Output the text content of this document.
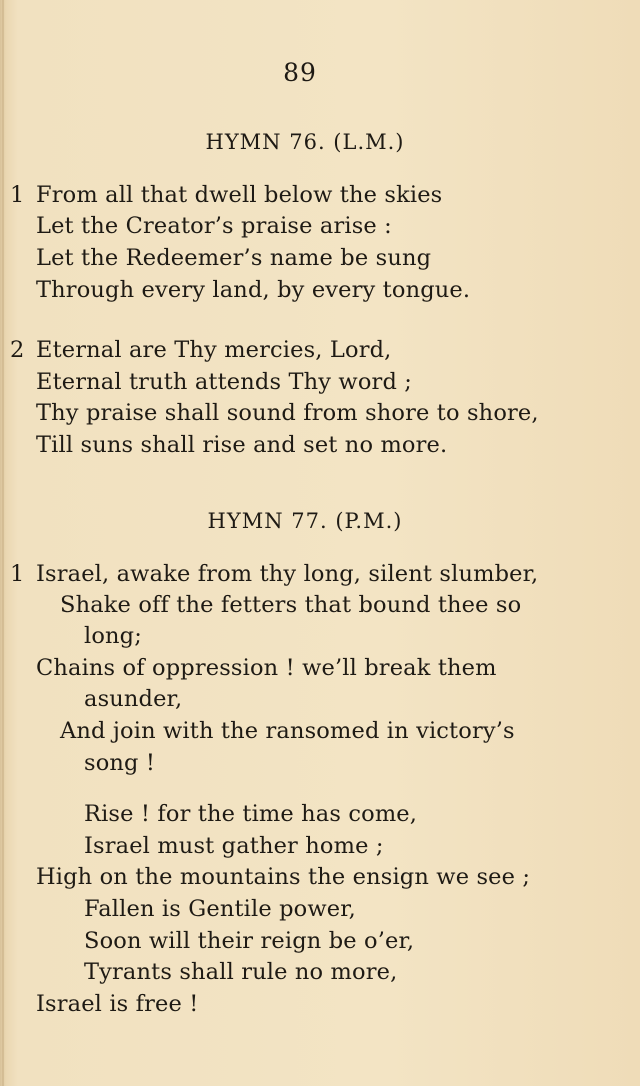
89
HYMN 76. (L.M.)
1 From all that dwell below the skies
Let the Creator’s praise arise :
Let the Redeemer’s name be sung
Through every land, by every tongue.
2 Eternal are Thy mercies, Lord,
Eternal truth attends Thy word ;
Thy praise shall sound from shore to shore,
Till suns shall rise and set no more.
HYMN 77. (P.M.)
1 Israel, awake from thy long, silent slumber,
Shake off the fetters that bound thee so
long;
Chains of oppression ! we’ll break them
asunder,
And join with the ransomed in victory’s
song !
Rise ! for the time has come,
Israel must gather home ;
High on the mountains the ensign we see ;
Fallen is Gentile power,
Soon will their reign be o’er,
Tyrants shall rule no more,
Israel is free !
